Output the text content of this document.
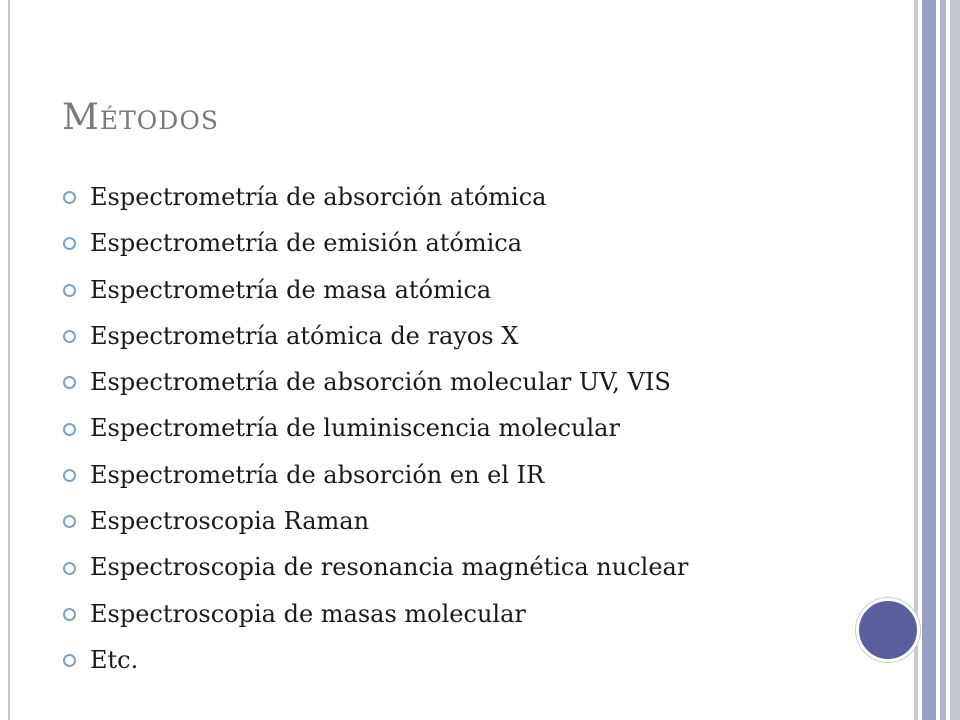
Métodos
Espectrometría de absorción atómica
Espectrometría de emisión atómica
Espectrometría de masa atómica
Espectrometría atómica de rayos X
Espectrometría de absorción molecular UV, VIS
Espectrometría de luminiscencia molecular
Espectrometría de absorción en el IR
Espectroscopia Raman
Espectroscopia de resonancia magnética nuclear
Espectroscopia de masas molecular
Etc.
